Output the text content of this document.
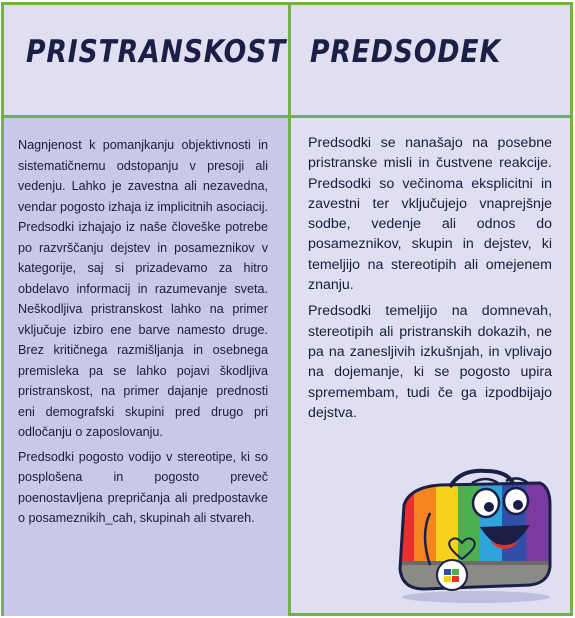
PRISTRANSKOST PREDSODEK

Nagnjenost k pomanjkanju objektivnosti in sistematičnemu odstopanju v presoji ali vedenju. Lahko je zavestna ali nezavedna, vendar pogosto izhaja iz implicitnih asociacij. Predsodki izhajajo iz naše človeške potrebe po razvrščanju dejstev in posameznikov v kategorije, saj si prizadevamo za hitro obdelavo informacij in razumevanje sveta. Neškodljiva pristranskost lahko na primer vključuje izbiro ene barve namesto druge. Brez kritičnega razmišljanja in osebnega premisleka pa se lahko pojavi škodljiva pristranskost, na primer dajanje prednosti eni demografski skupini pred drugo pri odločanju o zaposlovanju.

Predsodki pogosto vodijo v stereotipe, ki so posplošena in pogosto preveč poenostavljena prepričanja ali predpostavke o posameznikih_cah, skupinah ali stvareh.

Predsodki se nanašajo na posebne pristranske misli in čustvene reakcije. Predsodki so večinoma eksplicitni in zavestni ter vključujejo vnaprejšnje sodbe, vedenje ali odnos do posameznikov, skupin in dejstev, ki temeljijo na stereotipih ali omejenem znanju.

Predsodki temeljijo na domnevah, stereotipih ali pristranskih dokazih, ne pa na zanesljivih izkušnjah, in vplivajo na dojemanje, ki se pogosto upira spremembam, tudi če ga izpodbijajo dejstva.
